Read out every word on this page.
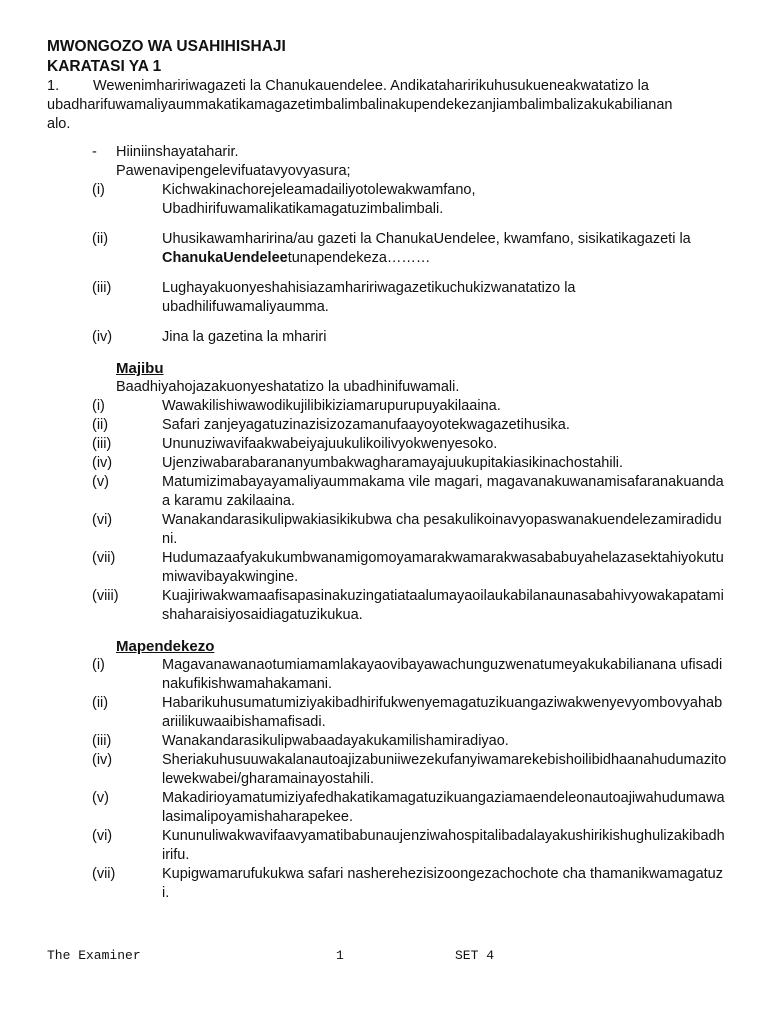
MWONGOZO WA USAHIHISHAJI
KARATASI YA 1
1.	Wewenimhaririwagazeti la Chanukauendelee. Andikataharirikuhusukueneakwatatizo la
ubadharifuwamaliyaummakatikamagazetimbalimbalinakupendekezanjiambalimbalizakukabilianan
alo.
-	Hiiniinshayataharir.
Pawenavipengelevifuatavyovyasura;
(i)	Kichwakinachorejeleamadailiyotolewakwamfano,
Ubadhirifuwamalikatikamagatuzimbalimbali.
(ii)	Uhusikawamharirina/au gazeti la ChanukaUendelee, kwamfano, sisikatikagazeti la
ChanukaUendeleetunapendekeza………
(iii)	Lughayakuonyeshahisiazamhaririwagazetikuchukizwanatatizo la
ubadhilifuwamaliyaumma.
(iv)	Jina la gazetina la mhariri
Majibu
Baadhiyahojazakuonyeshatatizo la ubadhinifuwamali.
(i)	Wawakilishiwawodikujilibikiziamarupurupuyakilaaina.
(ii)	Safari zanjeyagatuzinazisizozamanufaayoyotekwagazetihusika.
(iii)	Ununuziwavifaakwabeiyajuukulikoilivyokwenyesoko.
(iv)	Ujenziwabarabarananyumbakwagharamayajuukupitakiasikinachostahili.
(v)	Matumizimabayayamaliyaummakama vile magari, magavanakuwanamisafaranakuandaa karamu zakilaaina.
(vi)	Wanakandarasikulipwakiasikikubwa cha pesakulikoinavyopaswanakuendelezamiradiduni.
(vii)	Hudumazaafyakukumbwanamigomoyamarakwamarakwasababuyahelazasektahiyokutumiwavibayakwingine.
(viii)	Kuajiriwakwamaafisapasinakuzingatiataalumayaoilaukabilanaunasabahivyowakapatamishaharaisiyosaidiagatuzikukua.
Mapendekezo
(i)	Magavanawanaotumiamamlakayaovibayawachunguzwenatumeyakukabilianana ufisadinakufikishwamahakamani.
(ii)	Habarikuhusumatumiziyakibadhirifukwenyemagatuzikuangaziwakwenyevyombovyahabariilikuwaaibishamafisadi.
(iii)	Wanakandarasikulipwabaadayakukamilishamiradiyao.
(iv)	Sheriakuhusuuwakalanautoajizabuniiwezekufanyiwamarekebishoilibidhaanahudumazitolewekwabei/gharamainayostahili.
(v)	Makadirioyamatumiziyafedhakatikamagatuzikuangaziamaendeleonautoajiwahudumawalasimalipoyamishaharapekee.
(vi)	Kununuliwakwavifaavyamatibabunaujenziwahospitalibadalayakushirikishughulizakibadhirifu.
(vii)	Kupigwamarufukukwa safari nasherehezisizoongezachochote cha thamanikwamagatuzi.
The Examiner	1	SET 4
